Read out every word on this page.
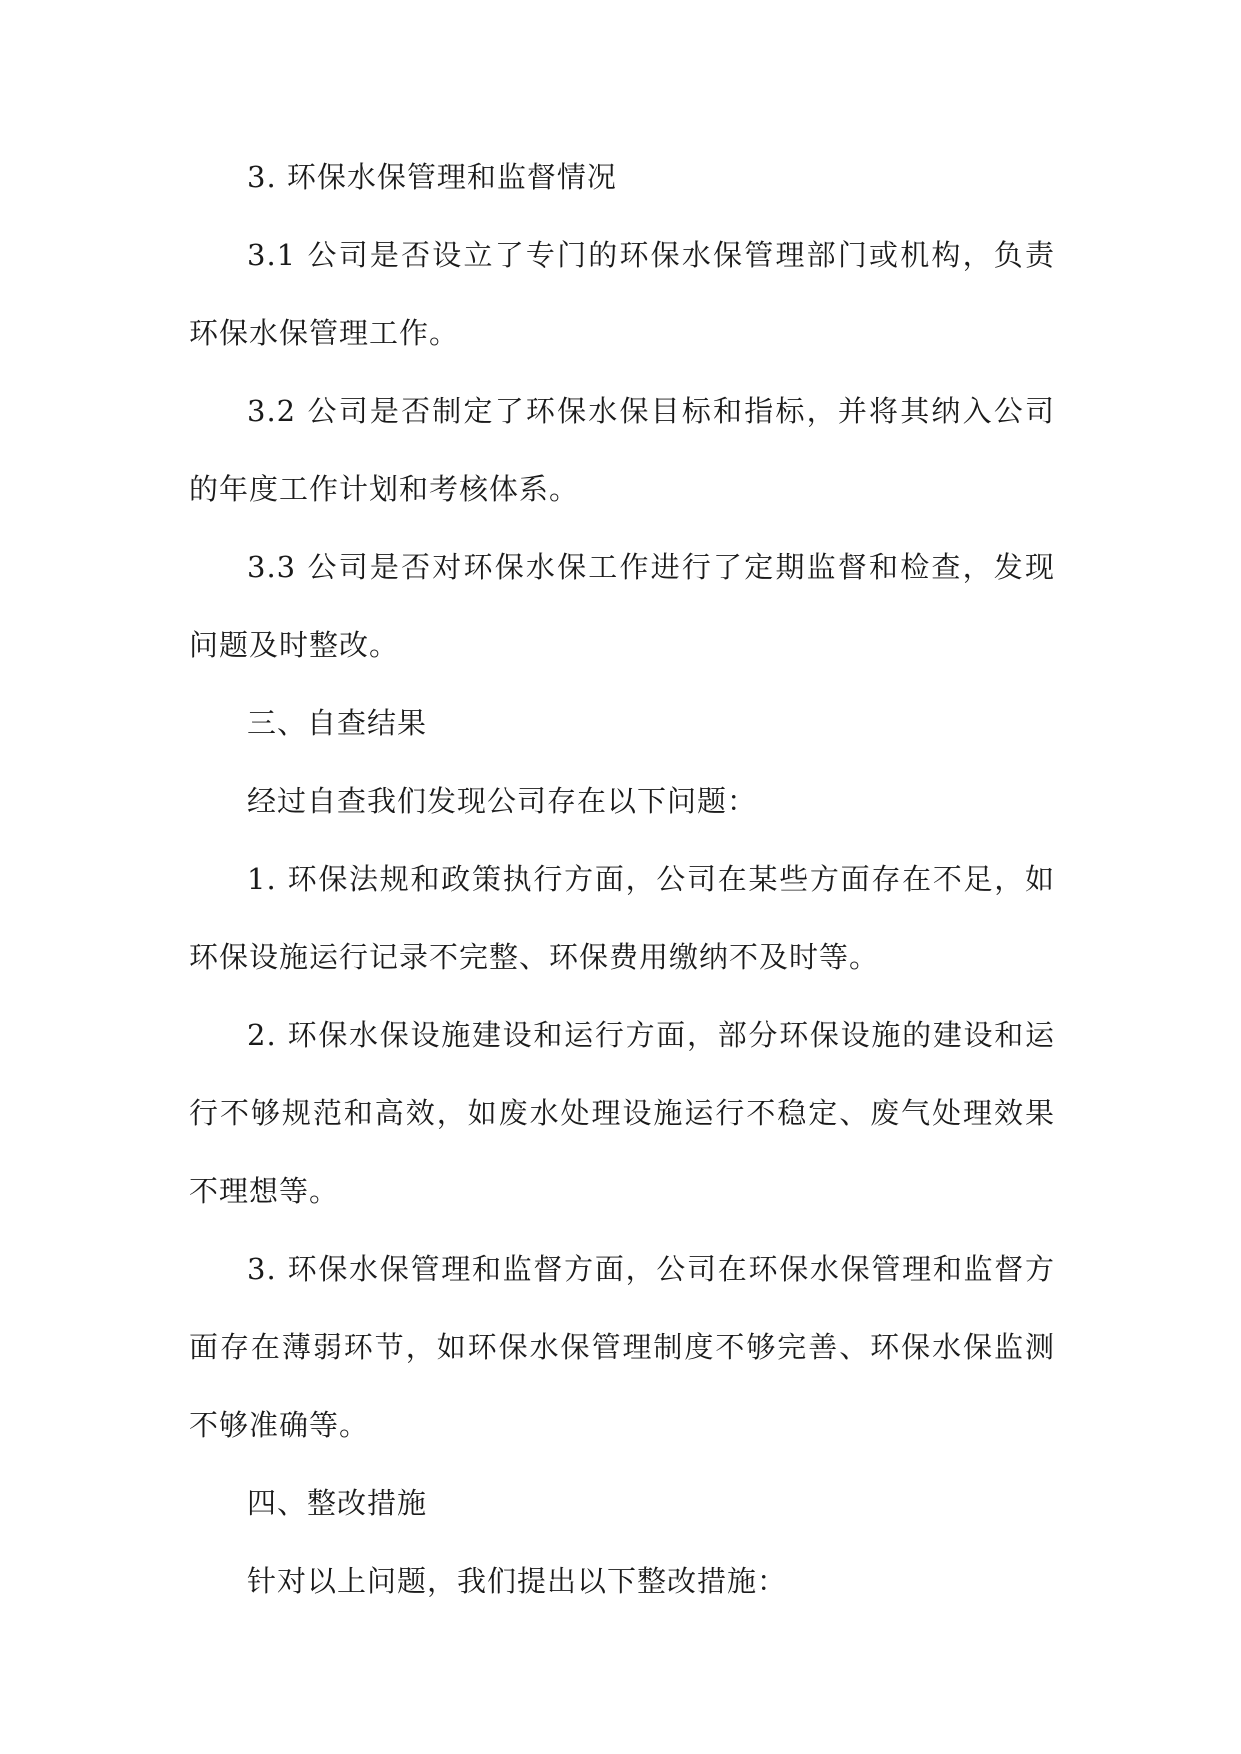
3. 环保水保管理和监督情况

3.1 公司是否设立了专门的环保水保管理部门或机构，负责环保水保管理工作。

3.2 公司是否制定了环保水保目标和指标，并将其纳入公司的年度工作计划和考核体系。

3.3 公司是否对环保水保工作进行了定期监督和检查，发现问题及时整改。

三、自查结果

经过自查我们发现公司存在以下问题：

1. 环保法规和政策执行方面，公司在某些方面存在不足，如环保设施运行记录不完整、环保费用缴纳不及时等。

2. 环保水保设施建设和运行方面，部分环保设施的建设和运行不够规范和高效，如废水处理设施运行不稳定、废气处理效果不理想等。

3. 环保水保管理和监督方面，公司在环保水保管理和监督方面存在薄弱环节，如环保水保管理制度不够完善、环保水保监测不够准确等。

四、整改措施

针对以上问题，我们提出以下整改措施：
